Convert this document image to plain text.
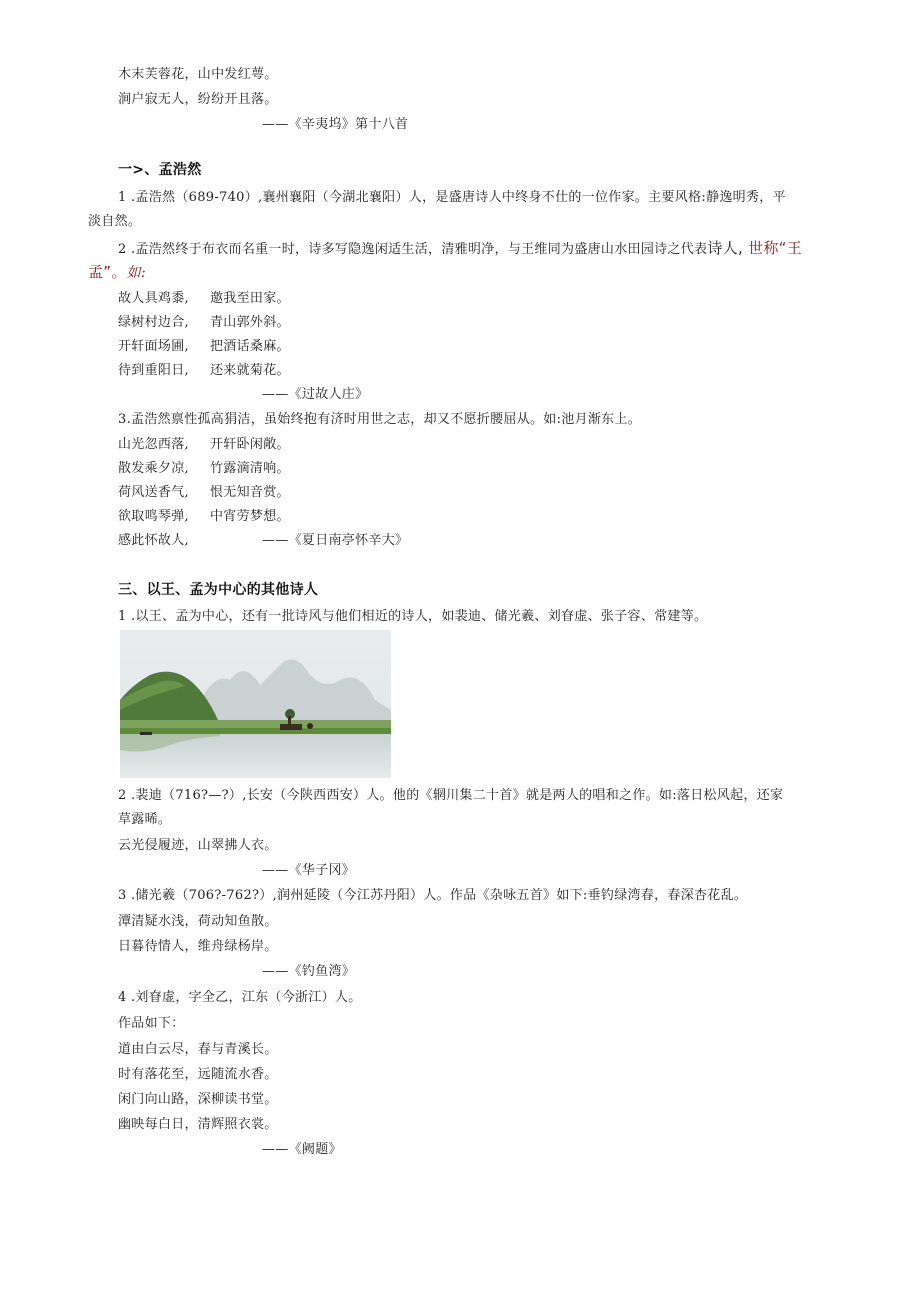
木末芙蓉花，山中发红萼。
涧户寂无人，纷纷开且落。
——《辛夷坞》第十八首
一>、孟浩然
1 .孟浩然（689-740）,襄州襄阳（今湖北襄阳）人，是盛唐诗人中终身不仕的一位作家。主要风格:静逸明秀，平
淡自然。
2 .孟浩然终于布衣而名重一时，诗多写隐逸闲适生活，清雅明净，与王维同为盛唐山水田园诗之代表诗人, 世称“王
孟”。如:
故人具鸡黍, 邀我至田家。
绿树村边合, 青山郭外斜。
开轩面场圃, 把酒话桑麻。
待到重阳日, 还来就菊花。
——《过故人庄》
3.孟浩然禀性孤高狷洁，虽始终抱有济时用世之志，却又不愿折腰屈从。如:池月渐东上。
山光忽西落, 开轩卧闲敞。
散发乘夕凉, 竹露滴清响。
荷风送香气, 恨无知音赏。
欲取鸣琴弹, 中宵劳梦想。
感此怀故人,	——《夏日南亭怀辛大》
三、以王、孟为中心的其他诗人
1 .以王、孟为中心，还有一批诗风与他们相近的诗人，如裴迪、储光羲、刘眘虚、张子容、常建等。
2 .裴迪（716?—?）,长安（今陕西西安）人。他的《辋川集二十首》就是两人的唱和之作。如:落日松风起，还家
草露晞。
云光侵履迹，山翠拂人衣。
——《华子冈》
3 .储光羲（706?-762?）,润州延陵（今江苏丹阳）人。作品《杂咏五首》如下:垂钓绿湾春，春深杏花乱。
潭清疑水浅，荷动知鱼散。
日暮待情人，维舟绿杨岸。
——《钓鱼湾》
4 .刘眘虚，字全乙，江东（今浙江）人。
作品如下：
道由白云尽，春与青溪长。
时有落花至，远随流水香。
闲门向山路，深柳读书堂。
幽映每白日，清辉照衣裳。
——《阙题》
